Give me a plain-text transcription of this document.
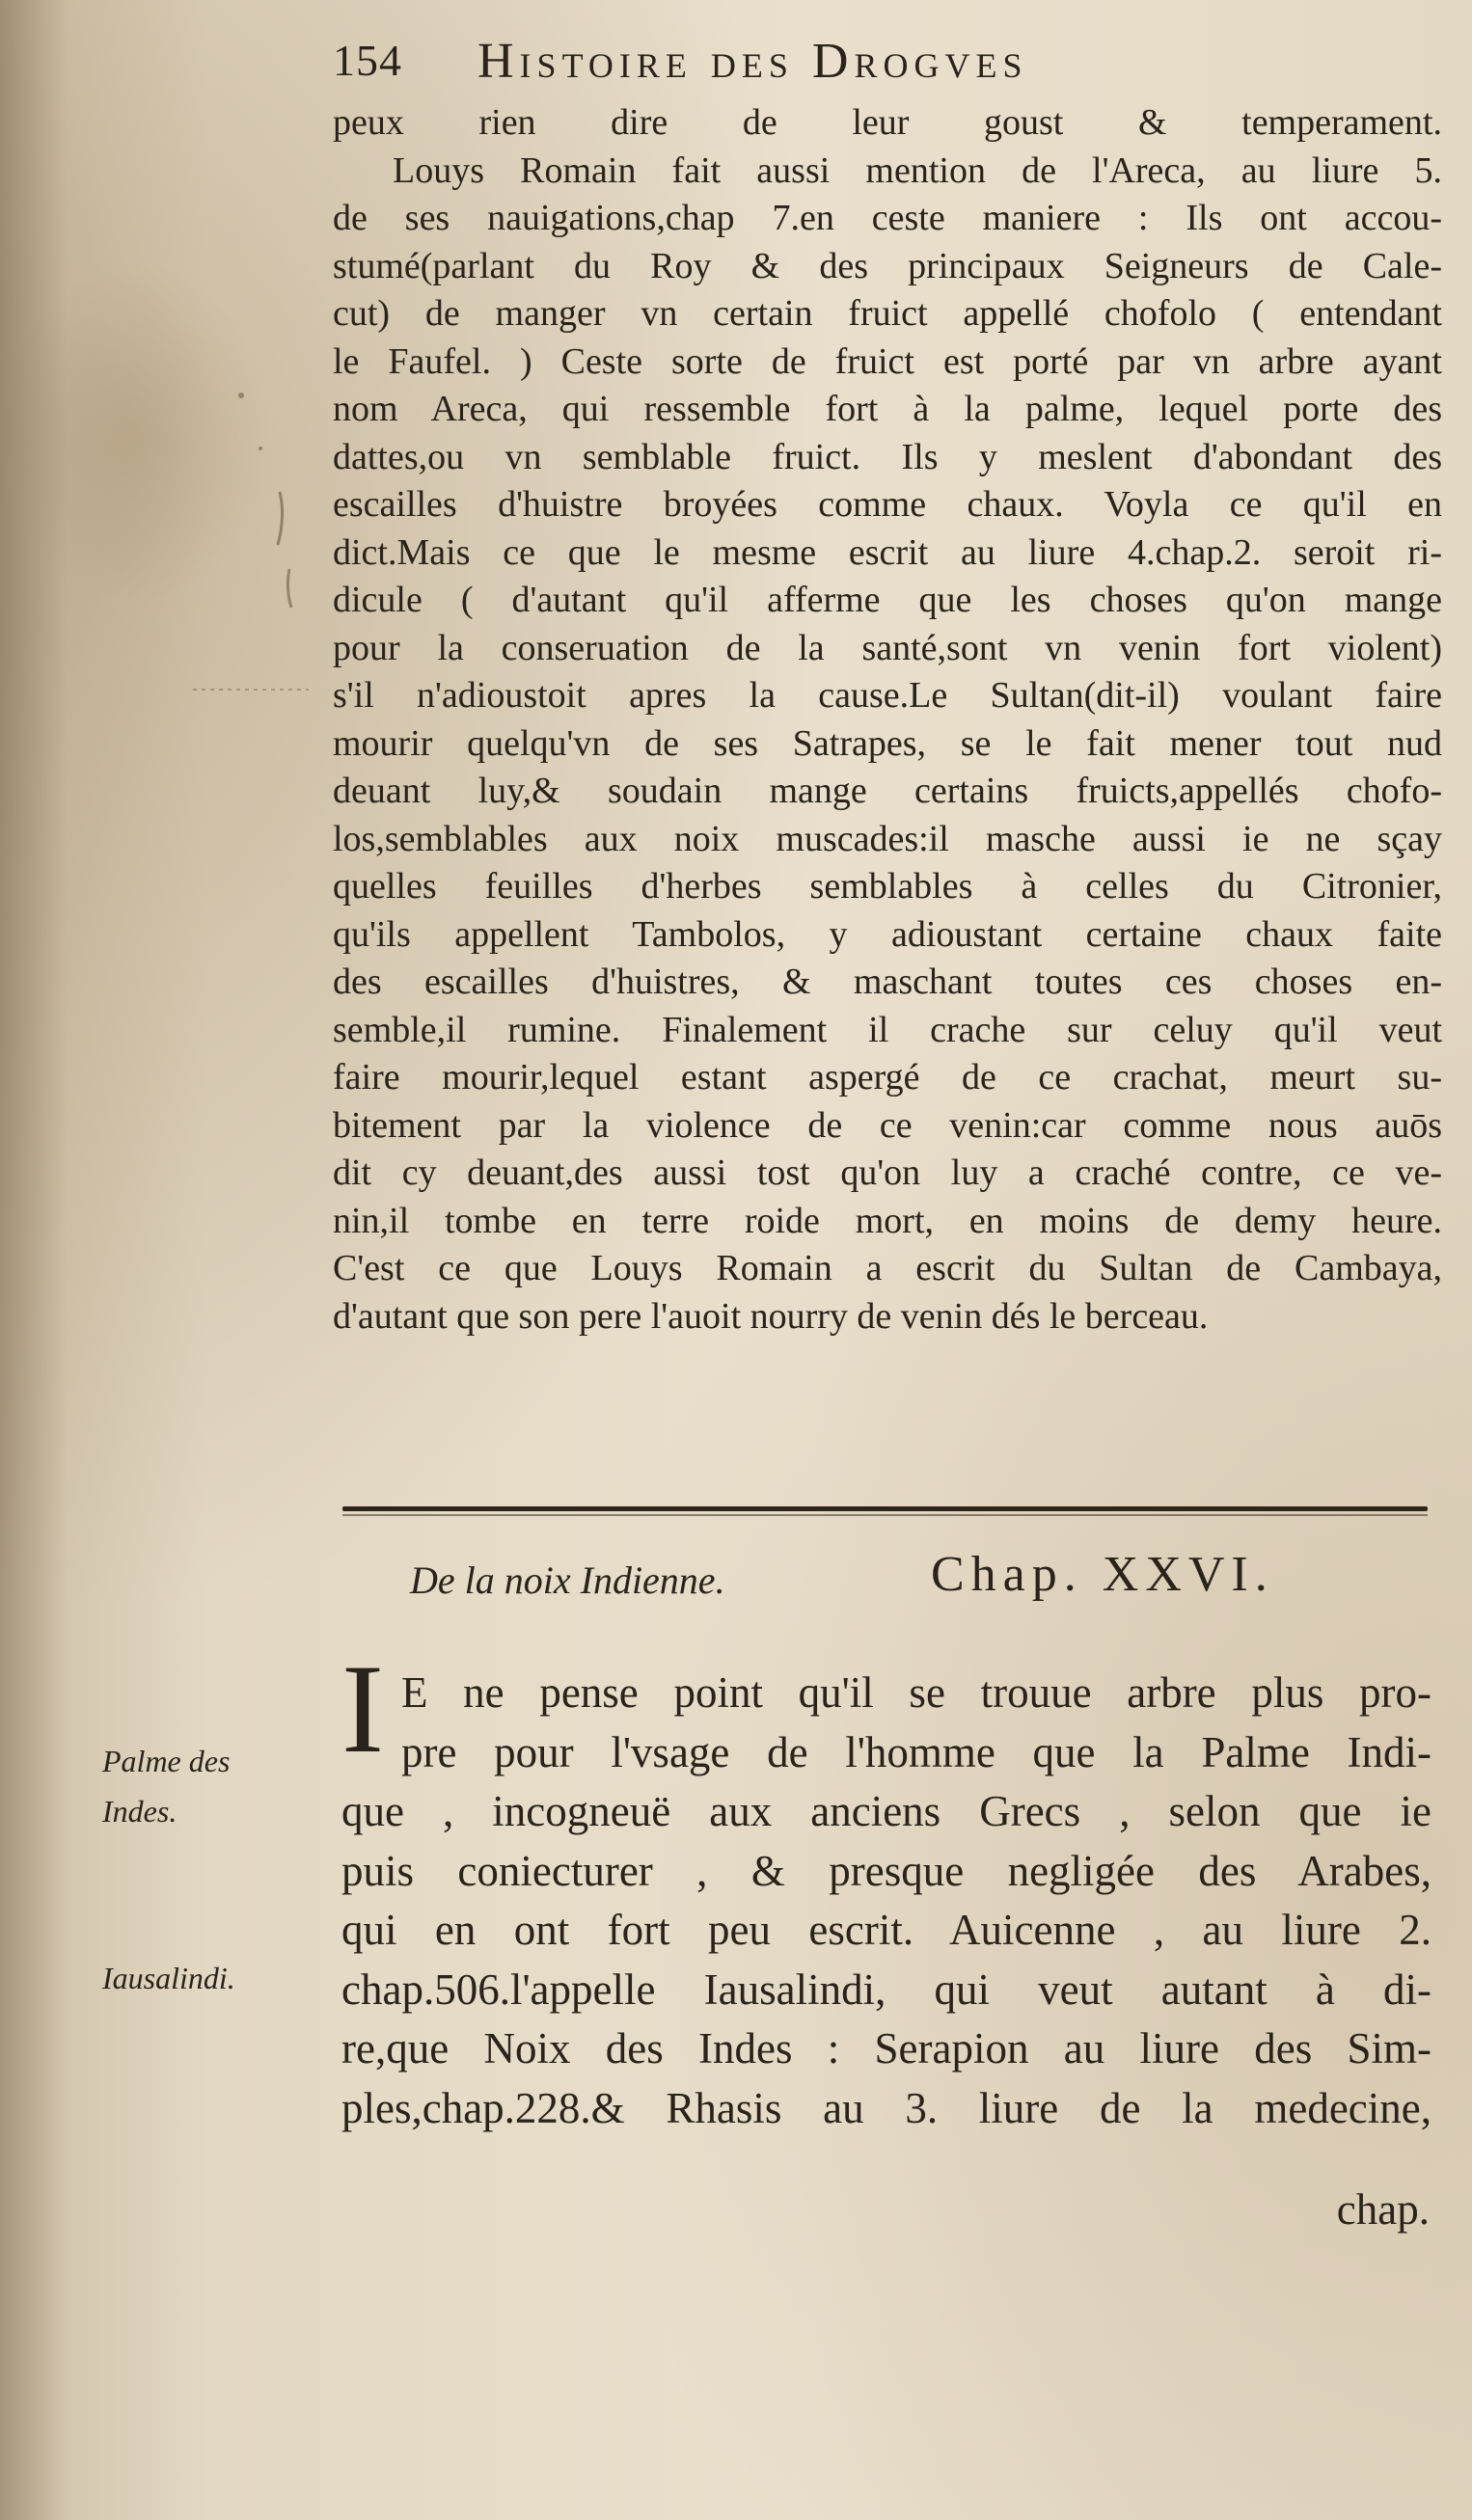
154 Histoire des Drogves
peux rien dire de leur goust & temperament.
Louys Romain fait aussi mention de l'Areca, au liure 5.
de ses nauigations,chap 7.en ceste maniere : Ils ont accou-
stumé(parlant du Roy & des principaux Seigneurs de Cale-
cut) de manger vn certain fruict appellé chofolo ( entendant
le Faufel. ) Ceste sorte de fruict est porté par vn arbre ayant
nom Areca, qui ressemble fort à la palme, lequel porte des
dattes,ou vn semblable fruict. Ils y meslent d'abondant des
escailles d'huistre broyées comme chaux. Voyla ce qu'il en
dict.Mais ce que le mesme escrit au liure 4.chap.2. seroit ri-
dicule ( d'autant qu'il afferme que les choses qu'on mange
pour la conseruation de la santé,sont vn venin fort violent)
s'il n'adioustoit apres la cause.Le Sultan(dit-il) voulant faire
mourir quelqu'vn de ses Satrapes, se le fait mener tout nud
deuant luy,& soudain mange certains fruicts,appellés chofo-
los,semblables aux noix muscades:il masche aussi ie ne sçay
quelles feuilles d'herbes semblables à celles du Citronier,
qu'ils appellent Tambolos, y adioustant certaine chaux faite
des escailles d'huistres, & maschant toutes ces choses en-
semble,il rumine. Finalement il crache sur celuy qu'il veut
faire mourir,lequel estant aspergé de ce crachat, meurt su-
bitement par la violence de ce venin:car comme nous auōs
dit cy deuant,des aussi tost qu'on luy a craché contre, ce ve-
nin,il tombe en terre roide mort, en moins de demy heure.
C'est ce que Louys Romain a escrit du Sultan de Cambaya,
d'autant que son pere l'auoit nourry de venin dés le berceau.
De la noix Indienne.	Chap. XXVI.
I E ne pense point qu'il se trouue arbre plus pro-
pre pour l'vsage de l'homme que la Palme Indi-
que , incogneuë aux anciens Grecs , selon que ie
puis coniecturer , & presque negligée des Arabes,
qui en ont fort peu escrit. Auicenne , au liure 2.
chap.506.l'appelle Iausalindi, qui veut autant à di-
re,que Noix des Indes : Serapion au liure des Sim-
ples,chap.228.& Rhasis au 3. liure de la medecine,
chap.
Palme des
Indes.
Iausalindi.
